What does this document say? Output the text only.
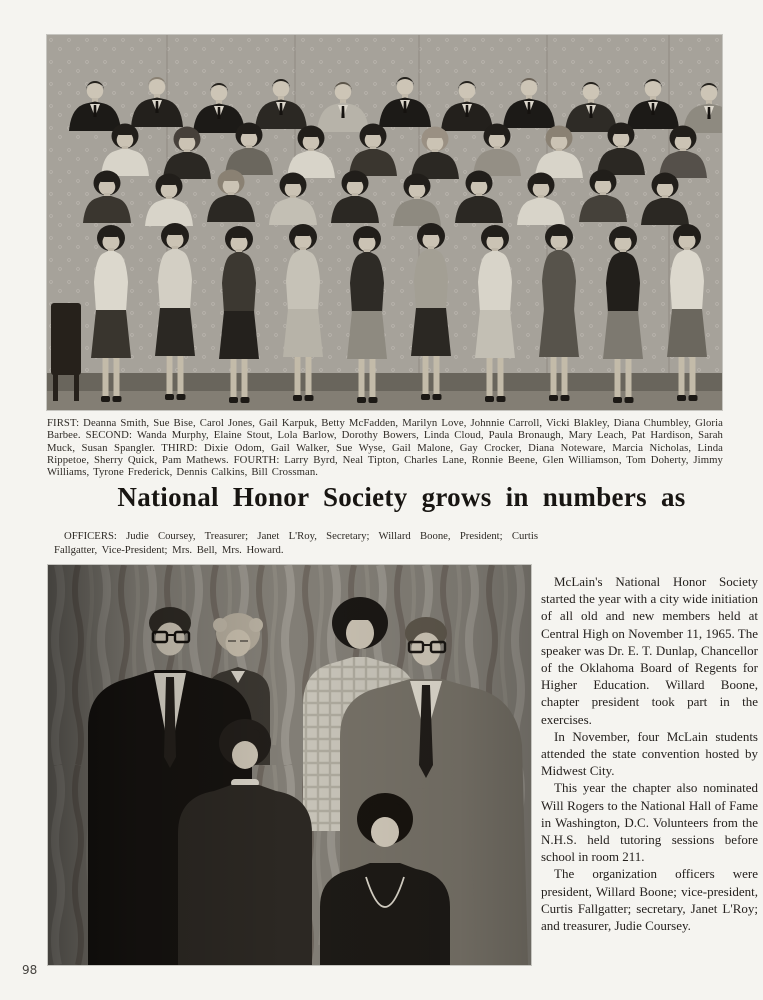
FIRST: Deanna Smith, Sue Bise, Carol Jones, Gail Karpuk, Betty McFadden, Marilyn Love, Johnnie Carroll, Vicki Blakley, Diana Chumbley, Gloria Barbee. SECOND: Wanda Murphy, Elaine Stout, Lola Barlow, Dorothy Bowers, Linda Cloud, Paula Bronaugh, Mary Leach, Pat Hardison, Sarah Muck, Susan Spangler. THIRD: Dixie Odom, Gail Walker, Sue Wyse, Gail Malone, Gay Crocker, Diana Noteware, Marcia Nicholas, Linda Rippetoe, Sherry Quick, Pam Mathews. FOURTH: Larry Byrd, Neal Tipton, Charles Lane, Ronnie Beene, Glen Williamson, Tom Doherty, Jimmy Williams, Tyrone Frederick, Dennis Calkins, Bill Crossman.
National Honor Society grows in numbers as
OFFICERS: Judie Coursey, Treasurer; Janet L'Roy, Secretary; Willard Boone, President; Curtis Fallgatter, Vice-President; Mrs. Bell, Mrs. Howard.

McLain's National Honor Society started the year with a city wide initiation of all old and new members held at Central High on November 11, 1965. The speaker was Dr. E. T. Dunlap, Chancellor of the Oklahoma Board of Regents for Higher Education. Willard Boone, chapter president took part in the exercises.

In November, four McLain students attended the state convention hosted by Midwest City.

This year the chapter also nominated Will Rogers to the National Hall of Fame in Washington, D.C. Volunteers from the N.H.S. held tutoring sessions before school in room 211.

The organization officers were president, Willard Boone; vice-president, Curtis Fallgatter; secretary, Janet L'Roy; and treasurer, Judie Coursey.

98
